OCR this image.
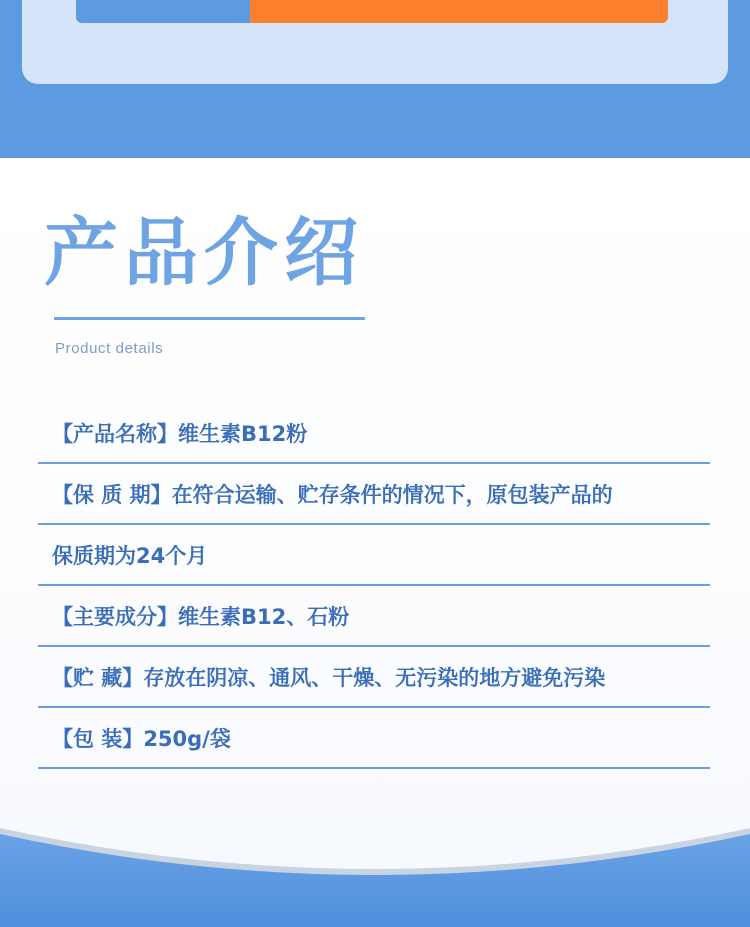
产品介绍
Product details
【产品名称】维生素B12粉
【保 质 期】在符合运输、贮存条件的情况下，原包装产品的
保质期为24个月
【主要成分】维生素B12、石粉
【贮 藏】存放在阴凉、通风、干燥、无污染的地方避免污染
【包 装】250g/袋
